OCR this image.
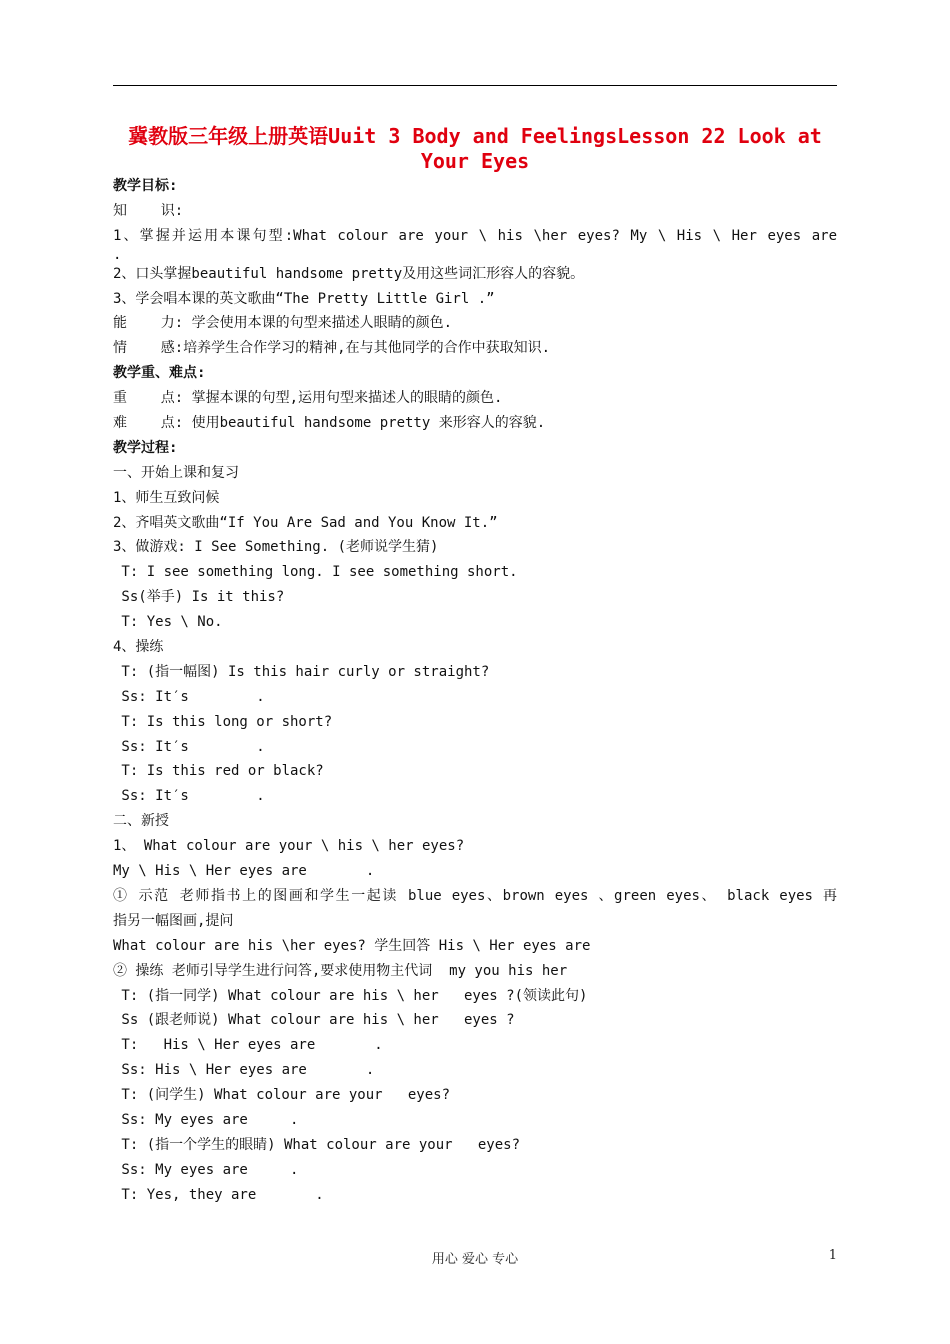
冀教版三年级上册英语Uuit 3 Body and FeelingsLesson 22 Look at
Your Eyes
教学目标:
知    识:
1、掌握并运用本课句型:What colour are your \ his \her eyes? My \ His \ Her eyes are
.
2、口头掌握beautiful handsome pretty及用这些词汇形容人的容貌。
3、学会唱本课的英文歌曲“The Pretty Little Girl .”
能    力: 学会使用本课的句型来描述人眼睛的颜色.
情    感:培养学生合作学习的精神,在与其他同学的合作中获取知识.
教学重、难点:
重    点: 掌握本课的句型,运用句型来描述人的眼睛的颜色.
难    点: 使用beautiful handsome pretty 来形容人的容貌.
教学过程:
一、开始上课和复习
1、师生互致问候
2、齐唱英文歌曲“If You Are Sad and You Know It.”
3、做游戏: I See Something. (老师说学生猜)
T: I see something long. I see something short.
Ss(举手) Is it this?
T: Yes \ No.
4、操练
T: (指一幅图) Is this hair curly or straight?
Ss: It′s        .
T: Is this long or short?
Ss: It′s        .
T: Is this red or black?
Ss: It′s        .
二、新授
1、 What colour are your \ his \ her eyes?
My \ His \ Her eyes are       .
① 示范 老师指书上的图画和学生一起读 blue eyes、brown eyes 、green eyes、 black eyes 再
指另一幅图画,提问
What colour are his \her eyes? 学生回答 His \ Her eyes are
② 操练 老师引导学生进行问答,要求使用物主代词  my you his her
T: (指一同学) What colour are his \ her   eyes ?(领读此句)
Ss (跟老师说) What colour are his \ her   eyes ?
T:   His \ Her eyes are       .
Ss: His \ Her eyes are       .
T: (问学生) What colour are your   eyes?
Ss: My eyes are     .
T: (指一个学生的眼睛) What colour are your   eyes?
Ss: My eyes are     .
T: Yes, they are       .
用心 爱心 专心	1
